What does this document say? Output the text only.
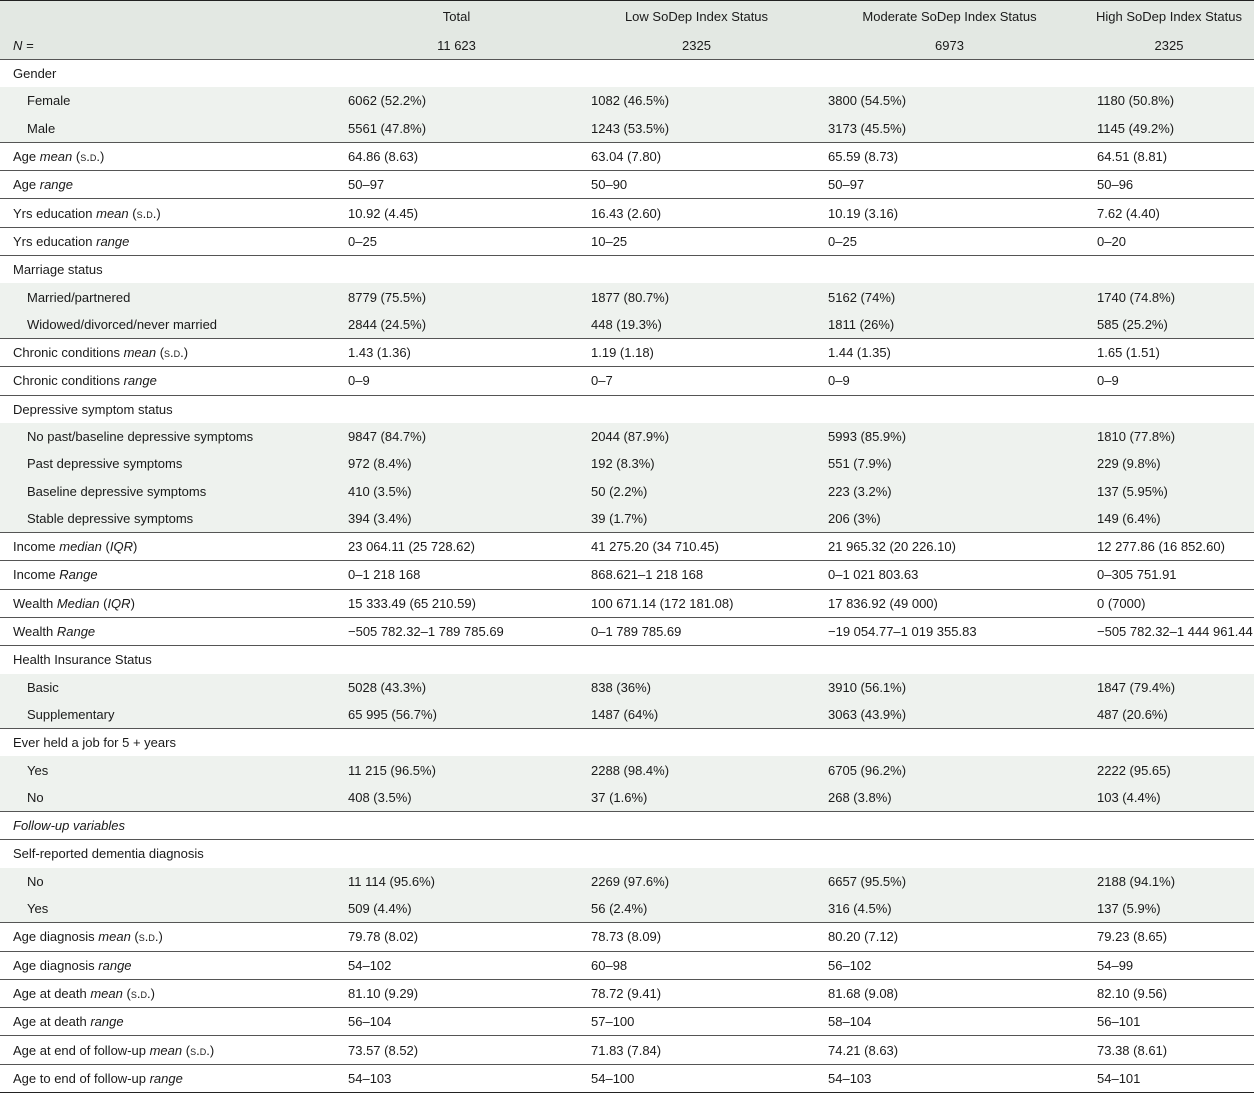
	Total	Low SoDep Index Status	Moderate SoDep Index Status	High SoDep Index Status
N =	11 623	2325	6973	2325
Gender				
Female	6062 (52.2%)	1082 (46.5%)	3800 (54.5%)	1180 (50.8%)
Male	5561 (47.8%)	1243 (53.5%)	3173 (45.5%)	1145 (49.2%)
Age mean (s.d.)	64.86 (8.63)	63.04 (7.80)	65.59 (8.73)	64.51 (8.81)
Age range	50–97	50–90	50–97	50–96
Yrs education mean (s.d.)	10.92 (4.45)	16.43 (2.60)	10.19 (3.16)	7.62 (4.40)
Yrs education range	0–25	10–25	0–25	0–20
Marriage status				
Married/partnered	8779 (75.5%)	1877 (80.7%)	5162 (74%)	1740 (74.8%)
Widowed/divorced/never married	2844 (24.5%)	448 (19.3%)	1811 (26%)	585 (25.2%)
Chronic conditions mean (s.d.)	1.43 (1.36)	1.19 (1.18)	1.44 (1.35)	1.65 (1.51)
Chronic conditions range	0–9	0–7	0–9	0–9
Depressive symptom status				
No past/baseline depressive symptoms	9847 (84.7%)	2044 (87.9%)	5993 (85.9%)	1810 (77.8%)
Past depressive symptoms	972 (8.4%)	192 (8.3%)	551 (7.9%)	229 (9.8%)
Baseline depressive symptoms	410 (3.5%)	50 (2.2%)	223 (3.2%)	137 (5.95%)
Stable depressive symptoms	394 (3.4%)	39 (1.7%)	206 (3%)	149 (6.4%)
Income median (IQR)	23 064.11 (25 728.62)	41 275.20 (34 710.45)	21 965.32 (20 226.10)	12 277.86 (16 852.60)
Income Range	0–1 218 168	868.621–1 218 168	0–1 021 803.63	0–305 751.91
Wealth Median (IQR)	15 333.49 (65 210.59)	100 671.14 (172 181.08)	17 836.92 (49 000)	0 (7000)
Wealth Range	−505 782.32–1 789 785.69	0–1 789 785.69	−19 054.77–1 019 355.83	−505 782.32–1 444 961.44
Health Insurance Status				
Basic	5028 (43.3%)	838 (36%)	3910 (56.1%)	1847 (79.4%)
Supplementary	65 995 (56.7%)	1487 (64%)	3063 (43.9%)	487 (20.6%)
Ever held a job for 5 + years				
Yes	11 215 (96.5%)	2288 (98.4%)	6705 (96.2%)	2222 (95.65)
No	408 (3.5%)	37 (1.6%)	268 (3.8%)	103 (4.4%)
Follow-up variables				
Self-reported dementia diagnosis				
No	11 114 (95.6%)	2269 (97.6%)	6657 (95.5%)	2188 (94.1%)
Yes	509 (4.4%)	56 (2.4%)	316 (4.5%)	137 (5.9%)
Age diagnosis mean (s.d.)	79.78 (8.02)	78.73 (8.09)	80.20 (7.12)	79.23 (8.65)
Age diagnosis range	54–102	60–98	56–102	54–99
Age at death mean (s.d.)	81.10 (9.29)	78.72 (9.41)	81.68 (9.08)	82.10 (9.56)
Age at death range	56–104	57–100	58–104	56–101
Age at end of follow-up mean (s.d.)	73.57 (8.52)	71.83 (7.84)	74.21 (8.63)	73.38 (8.61)
Age to end of follow-up range	54–103	54–100	54–103	54–101
